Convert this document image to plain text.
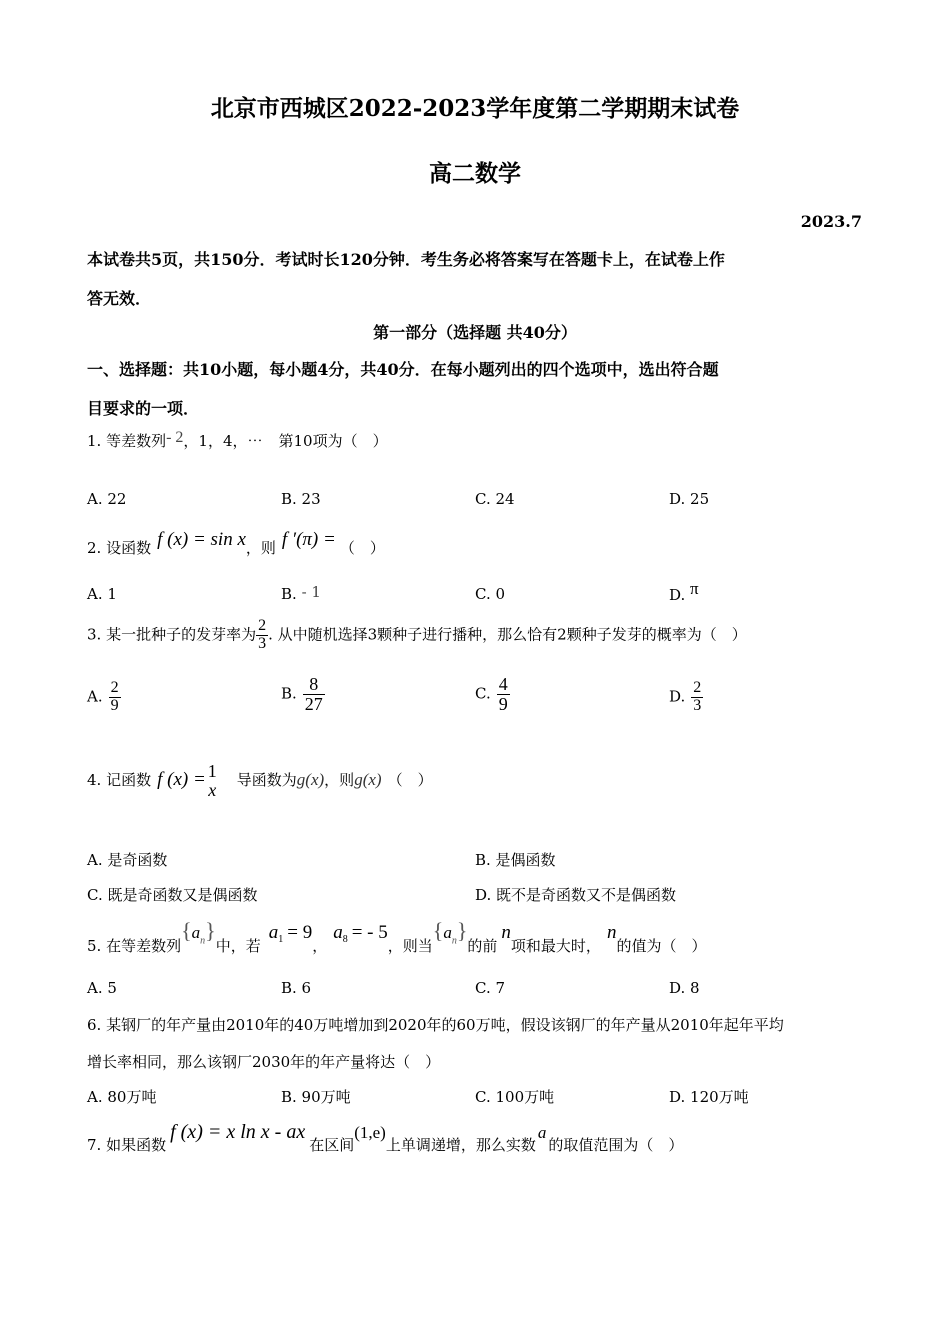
北京市西城区2022-2023学年度第二学期期末试卷
高二数学
2023.7
本试卷共5页，共150分．考试时长120分钟．考生务必将答案写在答题卡上，在试卷上作
答无效．
第一部分（选择题 共40分）
一、选择题：共10小题，每小题4分，共40分．在每小题列出的四个选项中，选出符合题
目要求的一项．
1. 等差数列- 2，1，4，⋯ 第10项为（　）
A. 22	B. 23	C. 24	D. 25
2. 设函数 f (x) = sin x，则 f ′(π) = （　）
A. 1	B. - 1	C. 0	D. π
3. 某一批种子的发芽率为 $\frac{2}{3}$ . 从中随机选择3颗种子进行播种，那么恰有2颗种子发芽的概率为（　）
A. $\frac{2}{9}$	B. $\frac{8}{27}$	C. $\frac{4}{9}$	D. $\frac{2}{3}$
4. 记函数 f (x) = 1
x 导函数为g(x)，则g(x) （　）
A. 是奇函数	B. 是偶函数
C. 既是奇函数又是偶函数	D. 既不是奇函数又不是偶函数
5. 在等差数列$\{a_n\}$中，若$a_1 = 9$，$a_8$ = - 5，则当$\{a_n\}$的前n项和最大时，n的值为（　）
A. 5	B. 6	C. 7	D. 8
6. 某钢厂的年产量由2010年的40万吨增加到2020年的60万吨，假设该钢厂的年产量从2010年起年平均
增长率相同，那么该钢厂2030年的年产量将达（　）
A. 80万吨	B. 90万吨	C. 100万吨	D. 120万吨
7. 如果函数f (x) = x ln x - ax在区间(1,e)上单调递增，那么实数a的取值范围为（　）
